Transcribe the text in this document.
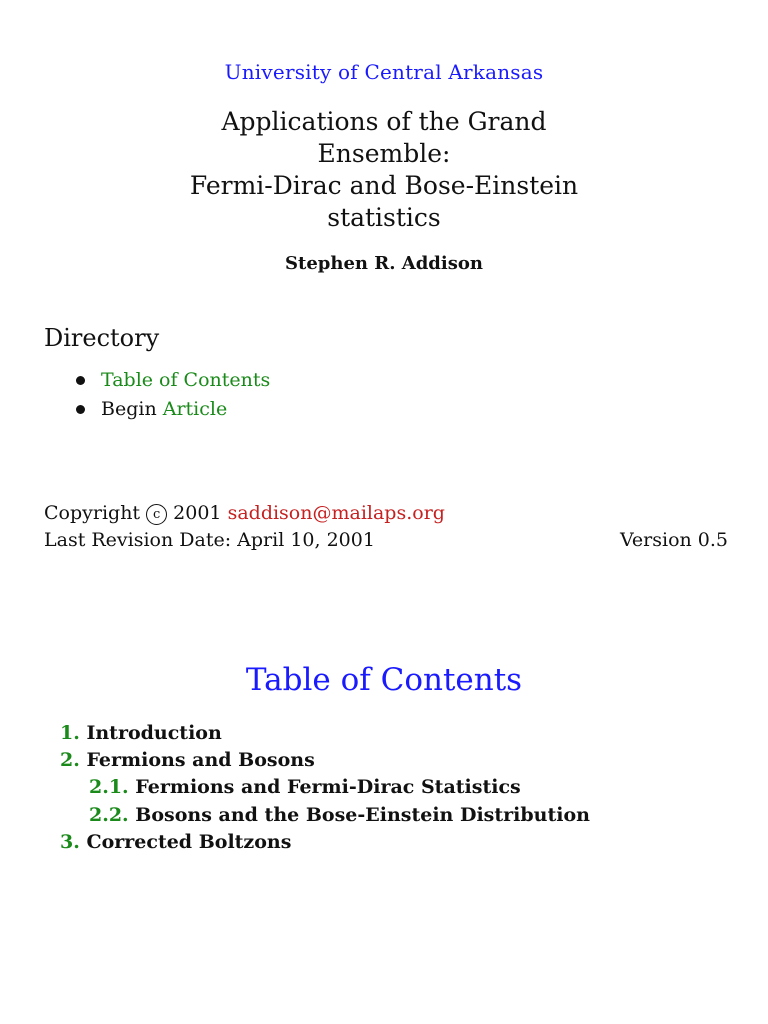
University of Central Arkansas
Applications of the Grand
Ensemble:
Fermi-Dirac and Bose-Einstein
statistics
Stephen R. Addison
Directory
Table of Contents
Begin Article
Copyright c 2001 saddison@mailaps.org
Last Revision Date: April 10, 2001	Version 0.5
Table of Contents
1. Introduction
2. Fermions and Bosons
2.1. Fermions and Fermi-Dirac Statistics
2.2. Bosons and the Bose-Einstein Distribution
3. Corrected Boltzons
